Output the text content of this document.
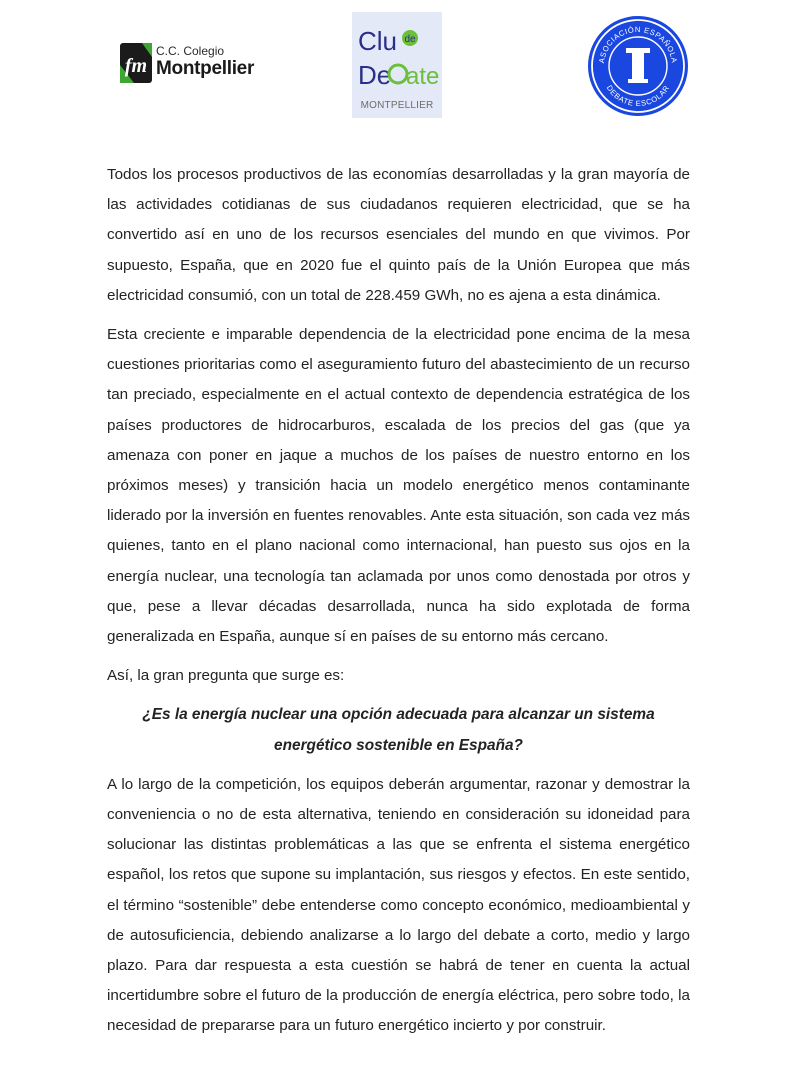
fm
C.C. Colegio
Montpellier
Clu de
De ate
MONTPELLIER
ASOCIACIÓN ESPAÑOLA
DEBATE ESCOLAR

Todos los procesos productivos de las economías desarrolladas y la gran mayoría de las actividades cotidianas de sus ciudadanos requieren electricidad, que se ha convertido así en uno de los recursos esenciales del mundo en que vivimos. Por supuesto, España, que en 2020 fue el quinto país de la Unión Europea que más electricidad consumió, con un total de 228.459 GWh, no es ajena a esta dinámica.

Esta creciente e imparable dependencia de la electricidad pone encima de la mesa cuestiones prioritarias como el aseguramiento futuro del abastecimiento de un recurso tan preciado, especialmente en el actual contexto de dependencia estratégica de los países productores de hidrocarburos, escalada de los precios del gas (que ya amenaza con poner en jaque a muchos de los países de nuestro entorno en los próximos meses) y transición hacia un modelo energético menos contaminante liderado por la inversión en fuentes renovables. Ante esta situación, son cada vez más quienes, tanto en el plano nacional como internacional, han puesto sus ojos en la energía nuclear, una tecnología tan aclamada por unos como denostada por otros y que, pese a llevar décadas desarrollada, nunca ha sido explotada de forma generalizada en España, aunque sí en países de su entorno más cercano.

Así, la gran pregunta que surge es:

¿Es la energía nuclear una opción adecuada para alcanzar un sistema energético sostenible en España?

A lo largo de la competición, los equipos deberán argumentar, razonar y demostrar la conveniencia o no de esta alternativa, teniendo en consideración su idoneidad para solucionar las distintas problemáticas a las que se enfrenta el sistema energético español, los retos que supone su implantación, sus riesgos y efectos. En este sentido, el término “sostenible” debe entenderse como concepto económico, medioambiental y de autosuficiencia, debiendo analizarse a lo largo del debate a corto, medio y largo plazo. Para dar respuesta a esta cuestión se habrá de tener en cuenta la actual incertidumbre sobre el futuro de la producción de energía eléctrica, pero sobre todo, la necesidad de prepararse para un futuro energético incierto y por construir.
